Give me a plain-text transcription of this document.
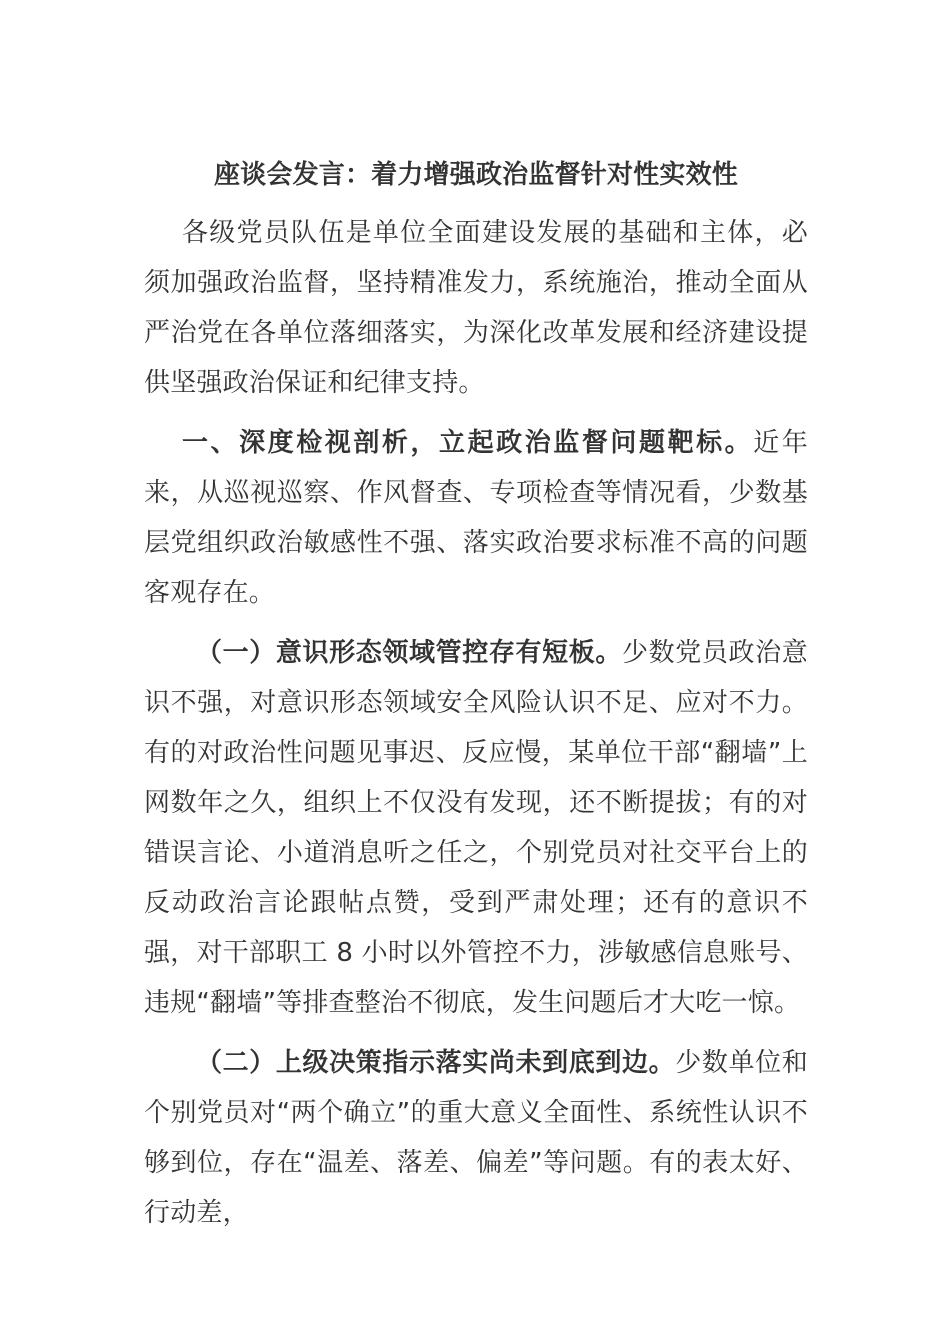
座谈会发言：着力增强政治监督针对性实效性

各级党员队伍是单位全面建设发展的基础和主体，必须加强政治监督，坚持精准发力，系统施治，推动全面从严治党在各单位落细落实，为深化改革发展和经济建设提供坚强政治保证和纪律支持。

一、深度检视剖析，立起政治监督问题靶标。近年来，从巡视巡察、作风督查、专项检查等情况看，少数基层党组织政治敏感性不强、落实政治要求标准不高的问题客观存在。

（一）意识形态领域管控存有短板。少数党员政治意识不强，对意识形态领域安全风险认识不足、应对不力。有的对政治性问题见事迟、反应慢，某单位干部“翻墙”上网数年之久，组织上不仅没有发现，还不断提拔；有的对错误言论、小道消息听之任之，个别党员对社交平台上的反动政治言论跟帖点赞，受到严肃处理；还有的意识不强，对干部职工 8 小时以外管控不力，涉敏感信息账号、违规“翻墙”等排查整治不彻底，发生问题后才大吃一惊。

（二）上级决策指示落实尚未到底到边。少数单位和个别党员对“两个确立”的重大意义全面性、系统性认识不够到位，存在“温差、落差、偏差”等问题。有的表太好、行动差，
